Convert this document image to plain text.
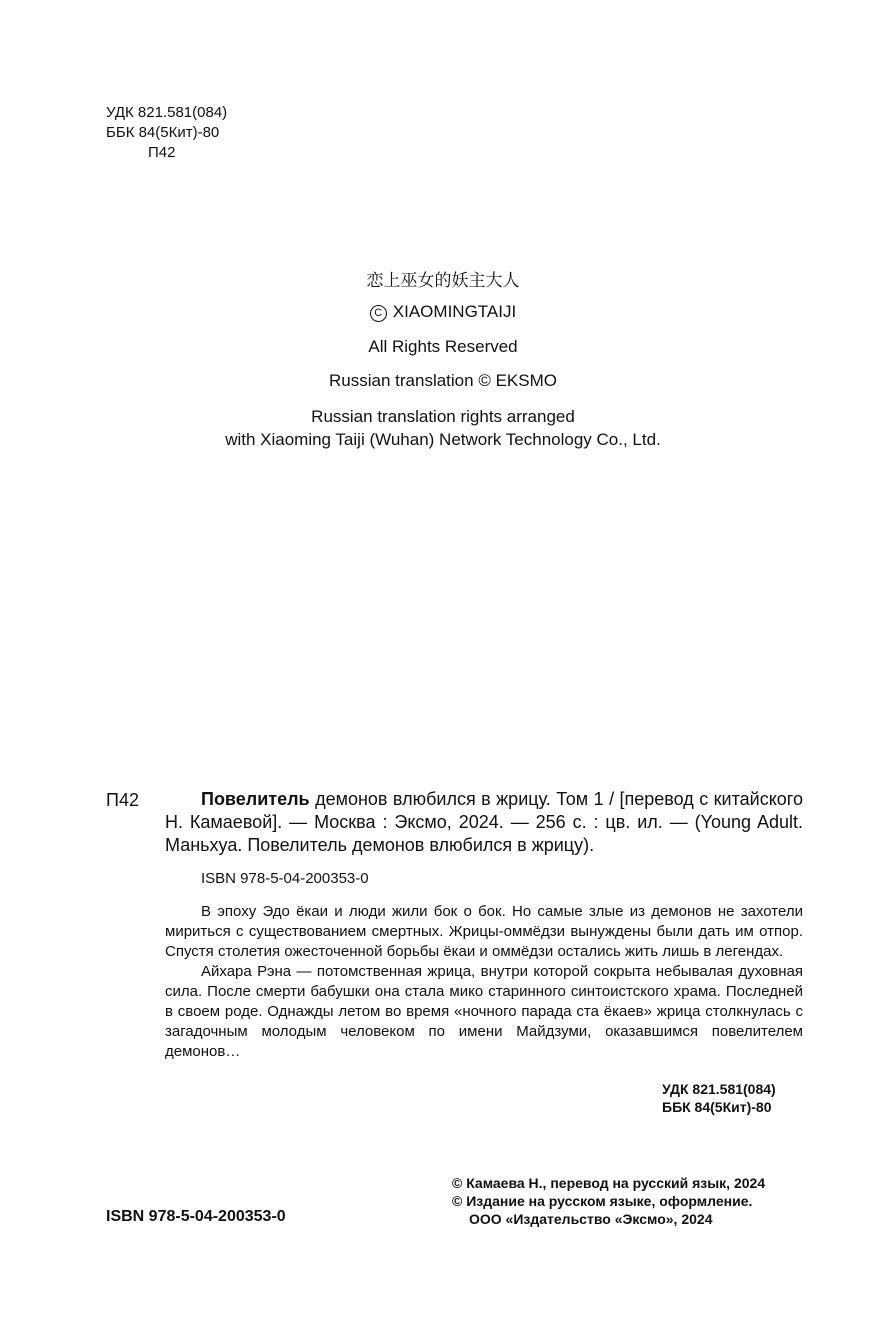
УДК 821.581(084)
ББК 84(5Кит)-80
П42
恋上巫女的妖主大人
C XIAOMINGTAIJI
All Rights Reserved
Russian translation © EKSMO
Russian translation rights arranged
with Xiaoming Taiji (Wuhan) Network Technology Co., Ltd.
П42	Повелитель демонов влюбился в жрицу. Том 1 / [перевод с китайского Н. Камаевой]. — Москва : Эксмо, 2024. — 256 с. : цв. ил. — (Young Adult. Маньхуа. Повелитель демонов влюбился в жрицу).
ISBN 978-5-04-200353-0

В эпоху Эдо ёкаи и люди жили бок о бок. Но самые злые из демонов не захотели мириться с существованием смертных. Жрицы-оммёдзи вынуждены были дать им отпор. Спустя столетия ожесточенной борьбы ёкаи и оммёдзи остались жить лишь в легендах.

Айхара Рэна — потомственная жрица, внутри которой сокрыта небывалая духовная сила. После смерти бабушки она стала мико старинного синтоистского храма. Последней в своем роде. Однажды летом во время «ночного парада ста ёкаев» жрица столкнулась с загадочным молодым человеком по имени Майдзуми, оказавшимся повелителем демонов…

УДК 821.581(084)
ББК 84(5Кит)-80
© Камаева Н., перевод на русский язык, 2024
© Издание на русском языке, оформление.
ООО «Издательство «Эксмо», 2024
ISBN 978-5-04-200353-0
